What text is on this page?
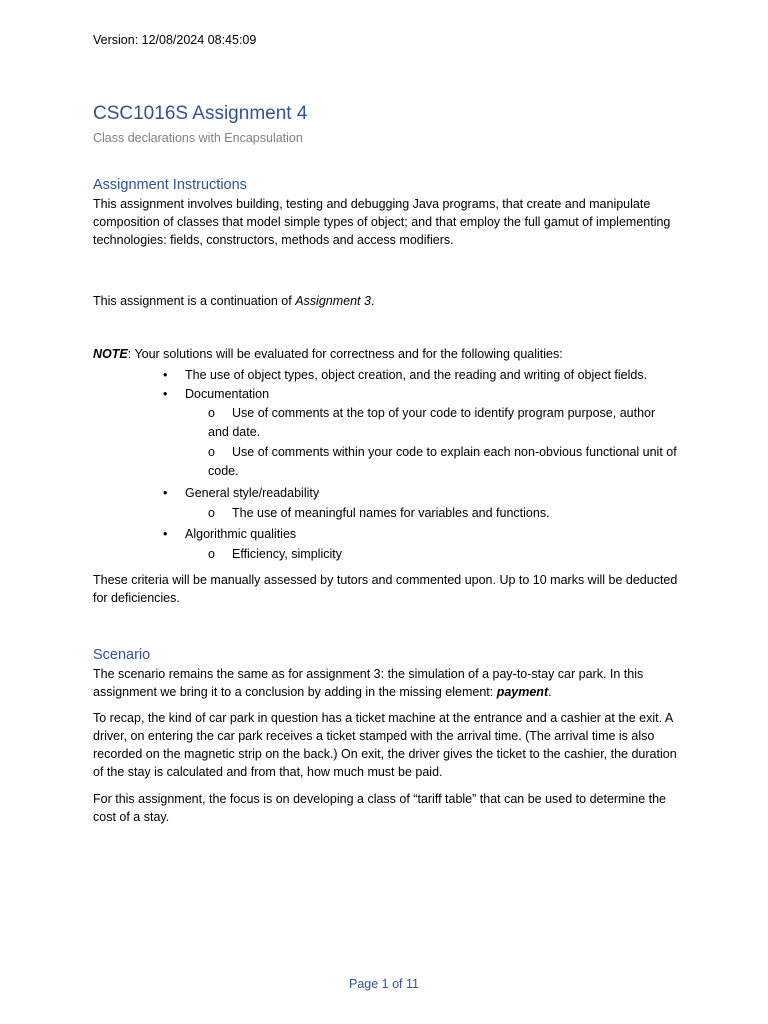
Version: 12/08/2024 08:45:09
CSC1016S Assignment 4
Class declarations with Encapsulation
Assignment Instructions

This assignment involves building, testing and debugging Java programs, that create and manipulate composition of classes that model simple types of object; and that employ the full gamut of implementing technologies: fields, constructors, methods and access modifiers.

This assignment is a continuation of Assignment 3.

NOTE: Your solutions will be evaluated for correctness and for the following qualities:

•	The use of object types, object creation, and the reading and writing of object fields.
•	Documentation
o Use of comments at the top of your code to identify program purpose, author and date.
o Use of comments within your code to explain each non-obvious functional unit of code.
•	General style/readability
o The use of meaningful names for variables and functions.
•	Algorithmic qualities
o Efficiency, simplicity

These criteria will be manually assessed by tutors and commented upon. Up to 10 marks will be deducted for deficiencies.

Scenario

The scenario remains the same as for assignment 3: the simulation of a pay-to-stay car park. In this assignment we bring it to a conclusion by adding in the missing element: payment.

To recap, the kind of car park in question has a ticket machine at the entrance and a cashier at the exit. A driver, on entering the car park receives a ticket stamped with the arrival time. (The arrival time is also recorded on the magnetic strip on the back.) On exit, the driver gives the ticket to the cashier, the duration of the stay is calculated and from that, how much must be paid.

For this assignment, the focus is on developing a class of “tariff table” that can be used to determine the cost of a stay.

Page 1 of 11
